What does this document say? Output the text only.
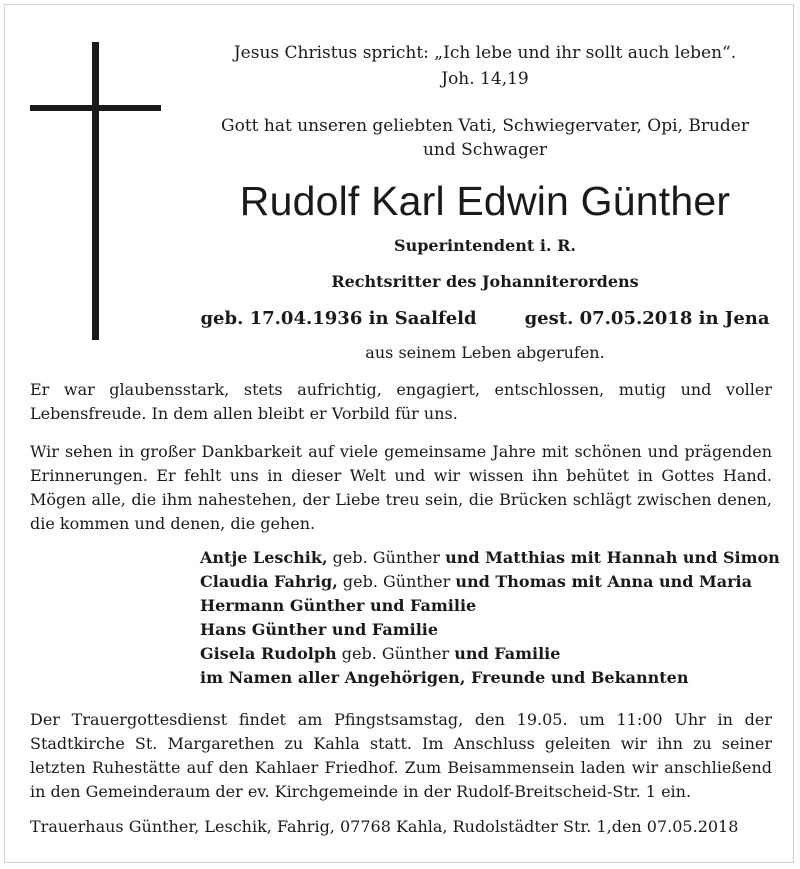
Jesus Christus spricht: „Ich lebe und ihr sollt auch leben“.
Joh. 14,19
Gott hat unseren geliebten Vati, Schwiegervater, Opi, Bruder
und Schwager
Rudolf Karl Edwin Günther
Superintendent i. R.
Rechtsritter des Johanniterordens
geb. 17.04.1936 in Saalfeld	gest. 07.05.2018 in Jena
aus seinem Leben abgerufen.

Er war glaubensstark, stets aufrichtig, engagiert, entschlossen, mutig und voller Lebensfreude. In dem allen bleibt er Vorbild für uns.

Wir sehen in großer Dankbarkeit auf viele gemeinsame Jahre mit schönen und prägenden Erinnerungen. Er fehlt uns in dieser Welt und wir wissen ihn behütet in Gottes Hand. Mögen alle, die ihm nahestehen, der Liebe treu sein, die Brücken schlägt zwischen denen, die kommen und denen, die gehen.

Antje Leschik, geb. Günther und Matthias mit Hannah und Simon
Claudia Fahrig, geb. Günther und Thomas mit Anna und Maria
Hermann Günther und Familie
Hans Günther und Familie
Gisela Rudolph geb. Günther und Familie
im Namen aller Angehörigen, Freunde und Bekannten

Der Trauergottesdienst findet am Pfingstsamstag, den 19.05. um 11:00 Uhr in der Stadtkirche St. Margarethen zu Kahla statt. Im Anschluss geleiten wir ihn zu seiner letzten Ruhestätte auf den Kahlaer Friedhof. Zum Beisammensein laden wir anschließend in den Gemeinderaum der ev. Kirchgemeinde in der Rudolf-Breitscheid-Str. 1 ein.

Trauerhaus Günther, Leschik, Fahrig, 07768 Kahla, Rudolstädter Str. 1,den 07.05.2018
